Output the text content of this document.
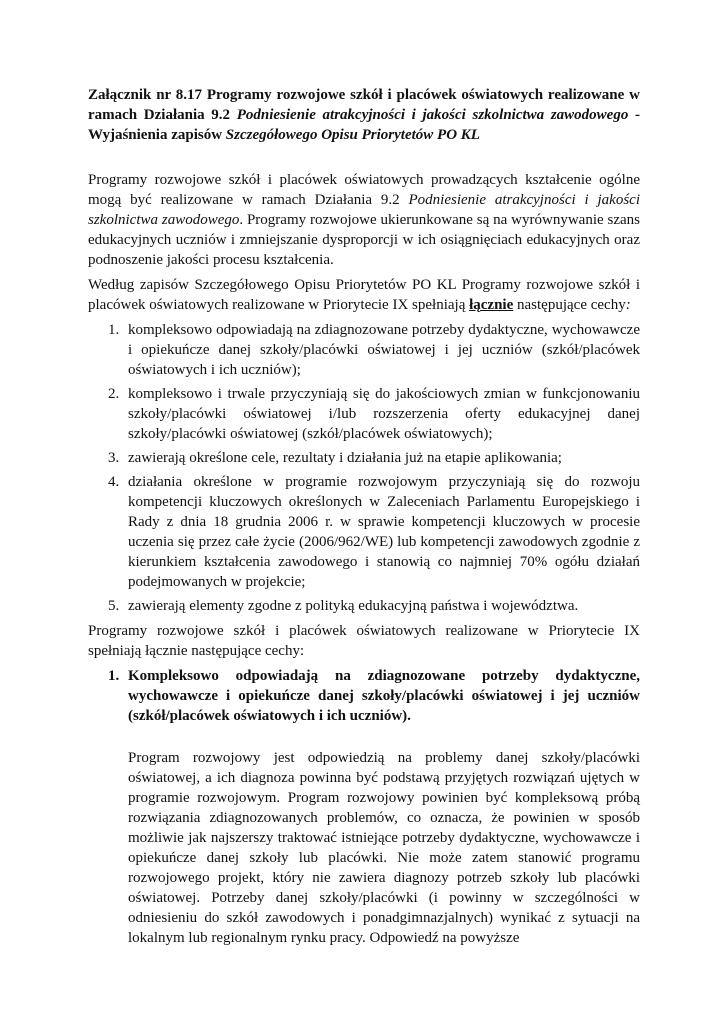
Załącznik nr 8.17 Programy rozwojowe szkół i placówek oświatowych realizowane w ramach Działania 9.2 Podniesienie atrakcyjności i jakości szkolnictwa zawodowego - Wyjaśnienia zapisów Szczegółowego Opisu Priorytetów PO KL

Programy rozwojowe szkół i placówek oświatowych prowadzących kształcenie ogólne mogą być realizowane w ramach Działania 9.2 Podniesienie atrakcyjności i jakości szkolnictwa zawodowego. Programy rozwojowe ukierunkowane są na wyrównywanie szans edukacyjnych uczniów i zmniejszanie dysproporcji w ich osiągnięciach edukacyjnych oraz podnoszenie jakości procesu kształcenia.

Według zapisów Szczegółowego Opisu Priorytetów PO KL Programy rozwojowe szkół i placówek oświatowych realizowane w Priorytecie IX spełniają łącznie następujące cechy:

1. kompleksowo odpowiadają na zdiagnozowane potrzeby dydaktyczne, wychowawcze i opiekuńcze danej szkoły/placówki oświatowej i jej uczniów (szkół/placówek oświatowych i ich uczniów);
2. kompleksowo i trwale przyczyniają się do jakościowych zmian w funkcjonowaniu szkoły/placówki oświatowej i/lub rozszerzenia oferty edukacyjnej danej szkoły/placówki oświatowej (szkół/placówek oświatowych);
3. zawierają określone cele, rezultaty i działania już na etapie aplikowania;
4. działania określone w programie rozwojowym przyczyniają się do rozwoju kompetencji kluczowych określonych w Zaleceniach Parlamentu Europejskiego i Rady z dnia 18 grudnia 2006 r. w sprawie kompetencji kluczowych w procesie uczenia się przez całe życie (2006/962/WE) lub kompetencji zawodowych zgodnie z kierunkiem kształcenia zawodowego i stanowią co najmniej 70% ogółu działań podejmowanych w projekcie;
5. zawierają elementy zgodne z polityką edukacyjną państwa i województwa.

Programy rozwojowe szkół i placówek oświatowych realizowane w Priorytecie IX spełniają łącznie następujące cechy:

1. Kompleksowo odpowiadają na zdiagnozowane potrzeby dydaktyczne, wychowawcze i opiekuńcze danej szkoły/placówki oświatowej i jej uczniów (szkół/placówek oświatowych i ich uczniów).
Program rozwojowy jest odpowiedzią na problemy danej szkoły/placówki oświatowej, a ich diagnoza powinna być podstawą przyjętych rozwiązań ujętych w programie rozwojowym. Program rozwojowy powinien być kompleksową próbą rozwiązania zdiagnozowanych problemów, co oznacza, że powinien w sposób możliwie jak najszerszy traktować istniejące potrzeby dydaktyczne, wychowawcze i opiekuńcze danej szkoły lub placówki. Nie może zatem stanowić programu rozwojowego projekt, który nie zawiera diagnozy potrzeb szkoły lub placówki oświatowej. Potrzeby danej szkoły/placówki (i powinny w szczególności w odniesieniu do szkół zawodowych i ponadgimnazjalnych) wynikać z sytuacji na lokalnym lub regionalnym rynku pracy. Odpowiedź na powyższe
